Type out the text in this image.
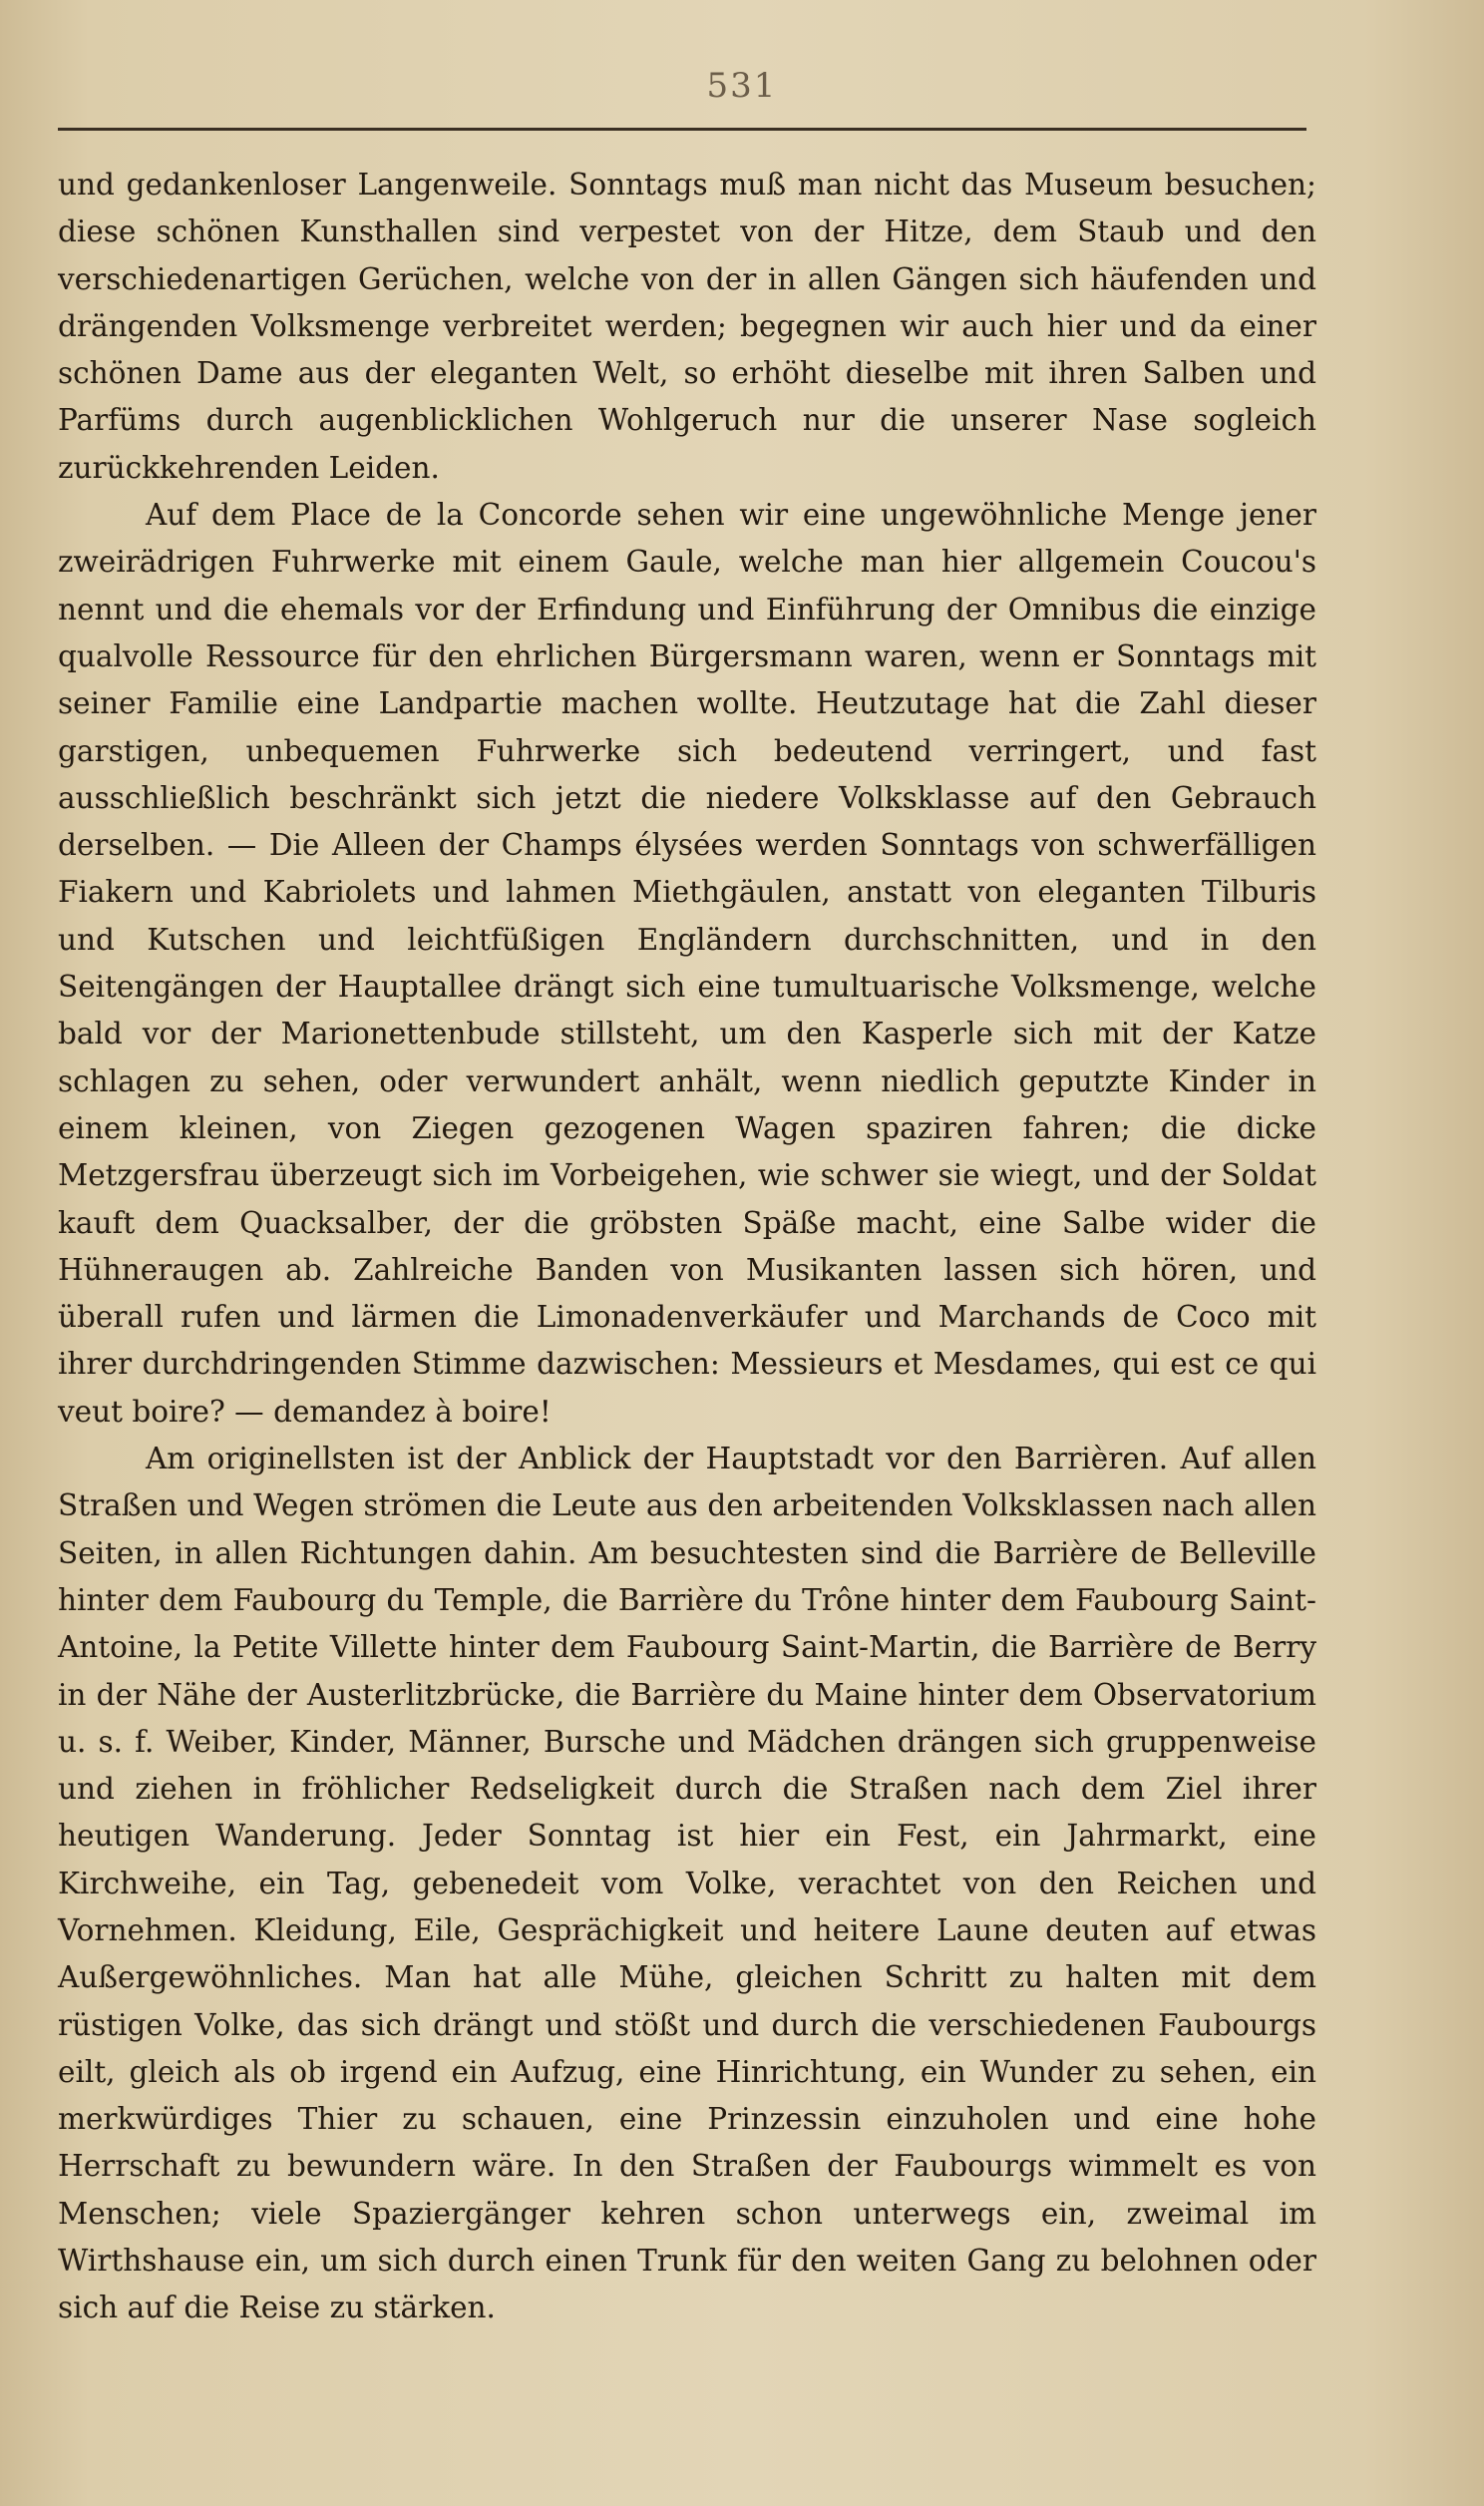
531

und gedankenloser Langenweile. Sonntags muß man nicht das Museum besuchen; diese schönen Kunsthallen sind verpestet von der Hitze, dem Staub und den verschiedenartigen Gerüchen, welche von der in allen Gängen sich häufenden und drängenden Volksmenge verbreitet werden; begegnen wir auch hier und da einer schönen Dame aus der eleganten Welt, so erhöht dieselbe mit ihren Salben und Parfüms durch augenblicklichen Wohlgeruch nur die unserer Nase sogleich zurückkehrenden Leiden.

Auf dem Place de la Concorde sehen wir eine ungewöhnliche Menge jener zweirädrigen Fuhrwerke mit einem Gaule, welche man hier allgemein Coucou's nennt und die ehemals vor der Erfindung und Einführung der Omnibus die einzige qualvolle Ressource für den ehrlichen Bürgersmann waren, wenn er Sonntags mit seiner Familie eine Landpartie machen wollte. Heutzutage hat die Zahl dieser garstigen, unbequemen Fuhrwerke sich bedeutend verringert, und fast ausschließlich beschränkt sich jetzt die niedere Volksklasse auf den Gebrauch derselben. — Die Alleen der Champs élysées werden Sonntags von schwerfälligen Fiakern und Kabriolets und lahmen Miethgäulen, anstatt von eleganten Tilburis und Kutschen und leichtfüßigen Engländern durchschnitten, und in den Seitengängen der Hauptallee drängt sich eine tumultuarische Volksmenge, welche bald vor der Marionettenbude stillsteht, um den Kasperle sich mit der Katze schlagen zu sehen, oder verwundert anhält, wenn niedlich geputzte Kinder in einem kleinen, von Ziegen gezogenen Wagen spaziren fahren; die dicke Metzgersfrau überzeugt sich im Vorbeigehen, wie schwer sie wiegt, und der Soldat kauft dem Quacksalber, der die gröbsten Späße macht, eine Salbe wider die Hühneraugen ab. Zahlreiche Banden von Musikanten lassen sich hören, und überall rufen und lärmen die Limonadenverkäufer und Marchands de Coco mit ihrer durchdringenden Stimme dazwischen: Messieurs et Mesdames, qui est ce qui veut boire? — demandez à boire!

Am originellsten ist der Anblick der Hauptstadt vor den Barrièren. Auf allen Straßen und Wegen strömen die Leute aus den arbeitenden Volksklassen nach allen Seiten, in allen Richtungen dahin. Am besuchtesten sind die Barrière de Belleville hinter dem Faubourg du Temple, die Barrière du Trône hinter dem Faubourg Saint-Antoine, la Petite Villette hinter dem Faubourg Saint-Martin, die Barrière de Berry in der Nähe der Austerlitzbrücke, die Barrière du Maine hinter dem Observatorium u. s. f. Weiber, Kinder, Männer, Bursche und Mädchen drängen sich gruppenweise und ziehen in fröhlicher Redseligkeit durch die Straßen nach dem Ziel ihrer heutigen Wanderung. Jeder Sonntag ist hier ein Fest, ein Jahrmarkt, eine Kirchweihe, ein Tag, gebenedeit vom Volke, verachtet von den Reichen und Vornehmen. Kleidung, Eile, Gesprächigkeit und heitere Laune deuten auf etwas Außergewöhnliches. Man hat alle Mühe, gleichen Schritt zu halten mit dem rüstigen Volke, das sich drängt und stößt und durch die verschiedenen Faubourgs eilt, gleich als ob irgend ein Aufzug, eine Hinrichtung, ein Wunder zu sehen, ein merkwürdiges Thier zu schauen, eine Prinzessin einzuholen und eine hohe Herrschaft zu bewundern wäre. In den Straßen der Faubourgs wimmelt es von Menschen; viele Spaziergänger kehren schon unterwegs ein, zweimal im Wirthshause ein, um sich durch einen Trunk für den weiten Gang zu belohnen oder sich auf die Reise zu stärken.
